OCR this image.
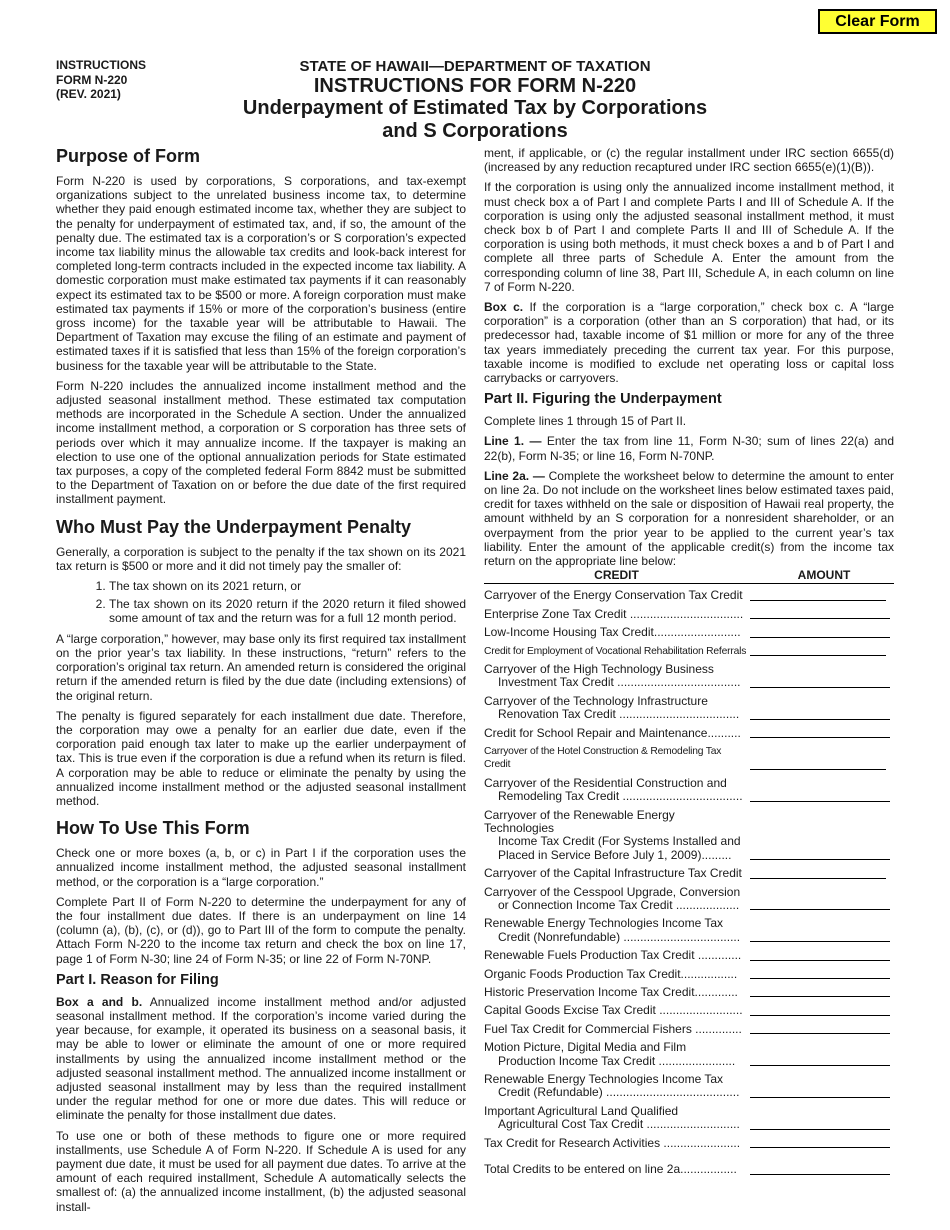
Clear Form
INSTRUCTIONS
FORM N-220
(REV. 2021)
STATE OF HAWAII—DEPARTMENT OF TAXATION
INSTRUCTIONS FOR FORM N-220
Underpayment of Estimated Tax by Corporations
and S Corporations
Purpose of Form

Form N-220 is used by corporations, S corporations, and tax-exempt organizations subject to the unrelated business income tax, to determine whether they paid enough estimated income tax, whether they are subject to the penalty for underpayment of estimated tax, and, if so, the amount of the penalty due. The estimated tax is a corporation’s or S corporation’s expected income tax liability minus the allowable tax credits and look-back interest for completed long-term contracts included in the expected income tax liability. A domestic corporation must make estimated tax payments if it can reasonably expect its estimated tax to be $500 or more. A foreign corporation must make estimated tax payments if 15% or more of the corporation’s business (entire gross income) for the taxable year will be attributable to Hawaii. The Department of Taxation may excuse the filing of an estimate and payment of estimated taxes if it is satisfied that less than 15% of the foreign corporation’s business for the taxable year will be attributable to the State.

Form N-220 includes the annualized income installment method and the adjusted seasonal installment method. These estimated tax computation methods are incorporated in the Schedule A section. Under the annualized income installment method, a corporation or S corporation has three sets of periods over which it may annualize income. If the taxpayer is making an election to use one of the optional annualization periods for State estimated tax purposes, a copy of the completed federal Form 8842 must be submitted to the Department of Taxation on or before the due date of the first required installment payment.

Who Must Pay the Underpayment Penalty

Generally, a corporation is subject to the penalty if the tax shown on its 2021 tax return is $500 or more and it did not timely pay the smaller of:

1. The tax shown on its 2021 return, or
2. The tax shown on its 2020 return if the 2020 return it filed showed some amount of tax and the return was for a full 12 month period.

A “large corporation,” however, may base only its first required tax installment on the prior year’s tax liability. In these instructions, “return” refers to the corporation’s original tax return. An amended return is considered the original return if the amended return is filed by the due date (including extensions) of the original return.

The penalty is figured separately for each installment due date. Therefore, the corporation may owe a penalty for an earlier due date, even if the corporation paid enough tax later to make up the earlier underpayment of tax. This is true even if the corporation is due a refund when its return is filed. A corporation may be able to reduce or eliminate the penalty by using the annualized income installment method or the adjusted seasonal installment method.

How To Use This Form

Check one or more boxes (a, b, or c) in Part I if the corporation uses the annualized income installment method, the adjusted seasonal installment method, or the corporation is a “large corporation.”

Complete Part II of Form N-220 to determine the underpayment for any of the four installment due dates. If there is an underpayment on line 14 (column (a), (b), (c), or (d)), go to Part III of the form to compute the penalty. Attach Form N-220 to the income tax return and check the box on line 17, page 1 of Form N-30; line 24 of Form N-35; or line 22 of Form N-70NP.

Part I. Reason for Filing

Box a and b. Annualized income installment method and/or adjusted seasonal installment method. If the corporation’s income varied during the year because, for example, it operated its business on a seasonal basis, it may be able to lower or eliminate the amount of one or more required installments by using the annualized income installment method or the adjusted seasonal installment method. The annualized income installment or adjusted seasonal installment may by less than the required installment under the regular method for one or more due dates. This will reduce or eliminate the penalty for those installment due dates.

To use one or both of these methods to figure one or more required installments, use Schedule A of Form N-220. If Schedule A is used for any payment due date, it must be used for all payment due dates. To arrive at the amount of each required installment, Schedule A automatically selects the smallest of: (a) the annualized income installment, (b) the adjusted seasonal install-

ment, if applicable, or (c) the regular installment under IRC section 6655(d) (increased by any reduction recaptured under IRC section 6655(e)(1)(B)).

If the corporation is using only the annualized income installment method, it must check box a of Part I and complete Parts I and III of Schedule A. If the corporation is using only the adjusted seasonal installment method, it must check box b of Part I and complete Parts II and III of Schedule A. If the corporation is using both methods, it must check boxes a and b of Part I and complete all three parts of Schedule A. Enter the amount from the corresponding column of line 38, Part III, Schedule A, in each column on line 7 of Form N-220.

Box c. If the corporation is a “large corporation,” check box c. A “large corporation” is a corporation (other than an S corporation) that had, or its predecessor had, taxable income of $1 million or more for any of the three tax years immediately preceding the current tax year. For this purpose, taxable income is modified to exclude net operating loss or capital loss carrybacks or carryovers.

Part II. Figuring the Underpayment

Complete lines 1 through 15 of Part II.

Line 1. — Enter the tax from line 11, Form N-30; sum of lines 22(a) and 22(b), Form N-35; or line 16, Form N-70NP.

Line 2a. — Complete the worksheet below to determine the amount to enter on line 2a. Do not include on the worksheet lines below estimated taxes paid, credit for taxes withheld on the sale or disposition of Hawaii real property, the amount withheld by an S corporation for a nonresident shareholder, or an overpayment from the prior year to be applied to the current year’s tax liability. Enter the amount of the applicable credit(s) from the income tax return on the appropriate line below:

CREDIT	AMOUNT
Carryover of the Energy Conservation Tax Credit
Enterprise Zone Tax Credit ..................................
Low-Income Housing Tax Credit..........................
Credit for Employment of Vocational Rehabilitation Referrals
Carryover of the High Technology Business
Investment Tax Credit .....................................
Carryover of the Technology Infrastructure
Renovation Tax Credit ....................................
Credit for School Repair and Maintenance..........
Carryover of the Hotel Construction & Remodeling Tax Credit
Carryover of the Residential Construction and
Remodeling Tax Credit ....................................
Carryover of the Renewable Energy Technologies
Income Tax Credit (For Systems Installed and
Placed in Service Before July 1, 2009).........
Carryover of the Capital Infrastructure Tax Credit
Carryover of the Cesspool Upgrade, Conversion
or Connection Income Tax Credit ...................
Renewable Energy Technologies Income Tax
Credit (Nonrefundable) ...................................
Renewable Fuels Production Tax Credit .............
Organic Foods Production Tax Credit.................
Historic Preservation Income Tax Credit.............
Capital Goods Excise Tax Credit .........................
Fuel Tax Credit for Commercial Fishers ..............
Motion Picture, Digital Media and Film
Production Income Tax Credit .......................
Renewable Energy Technologies Income Tax
Credit (Refundable) ........................................
Important Agricultural Land Qualified
Agricultural Cost Tax Credit ............................
Tax Credit for Research Activities .......................
Total Credits to be entered on line 2a.................
